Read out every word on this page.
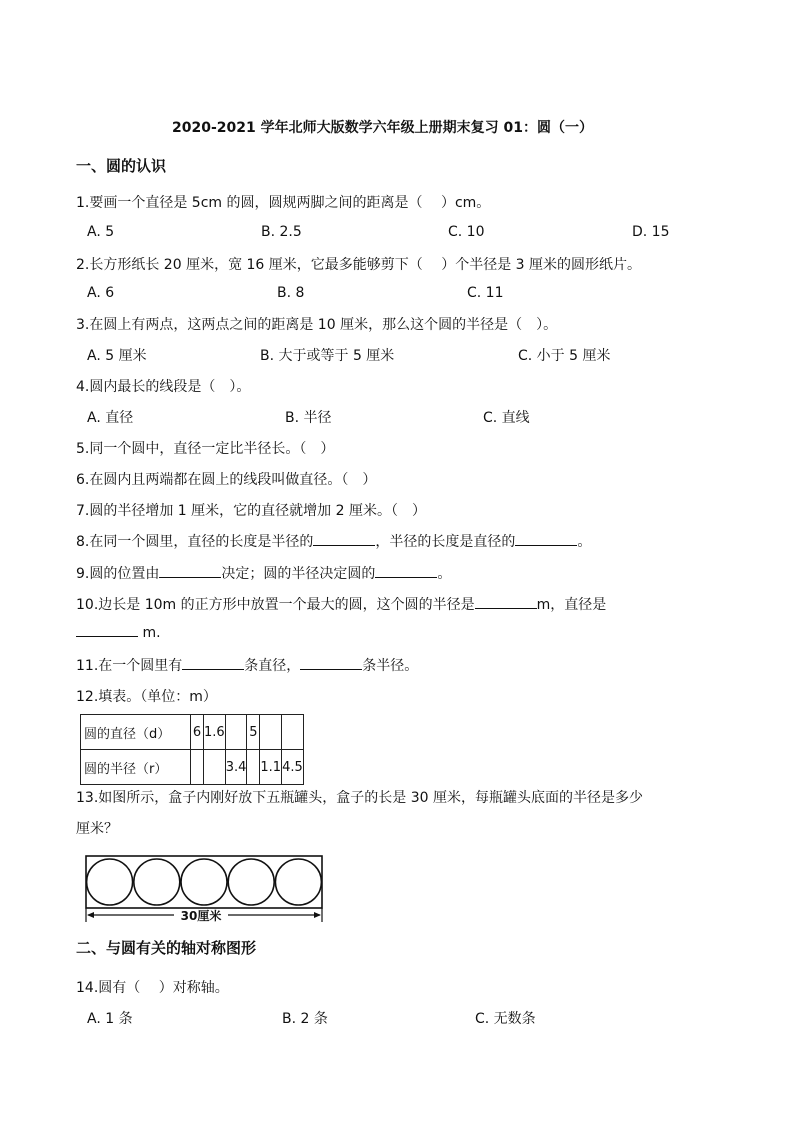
2020-2021 学年北师大版数学六年级上册期末复习 01：圆（一）
一、圆的认识
1.要画一个直径是 5cm 的圆，圆规两脚之间的距离是（　 ）cm。
A. 5	B. 2.5	C. 10	D. 15
2.长方形纸长 20 厘米，宽 16 厘米，它最多能够剪下（　 ）个半径是 3 厘米的圆形纸片。
A. 6	B. 8	C. 11
3.在圆上有两点，这两点之间的距离是 10 厘米，那么这个圆的半径是（　）。
A. 5 厘米	B. 大于或等于 5 厘米	C. 小于 5 厘米
4.圆内最长的线段是（　）。
A. 直径	B. 半径	C. 直线
5.同一个圆中，直径一定比半径长。（　）
6.在圆内且两端都在圆上的线段叫做直径。（　）
7.圆的半径增加 1 厘米，它的直径就增加 2 厘米。（　）
8.在同一个圆里，直径的长度是半径的	，半径的长度是直径的	。
9.圆的位置由	决定；圆的半径决定圆的	。
10.边长是 10m 的正方形中放置一个最大的圆，这个圆的半径是	m，直径是
m.
11.在一个圆里有	条直径，	条半径。
12.填表。（单位：m）
圆的直径（d）	6	1.6		5		
圆的半径（r）			3.4		1.1	4.5
13.如图所示，盒子内刚好放下五瓶罐头，盒子的长是 30 厘米，每瓶罐头底面的半径是多少
厘米？
30厘米
二、与圆有关的轴对称图形
14.圆有（　 ）对称轴。
A. 1 条	B. 2 条	C. 无数条
